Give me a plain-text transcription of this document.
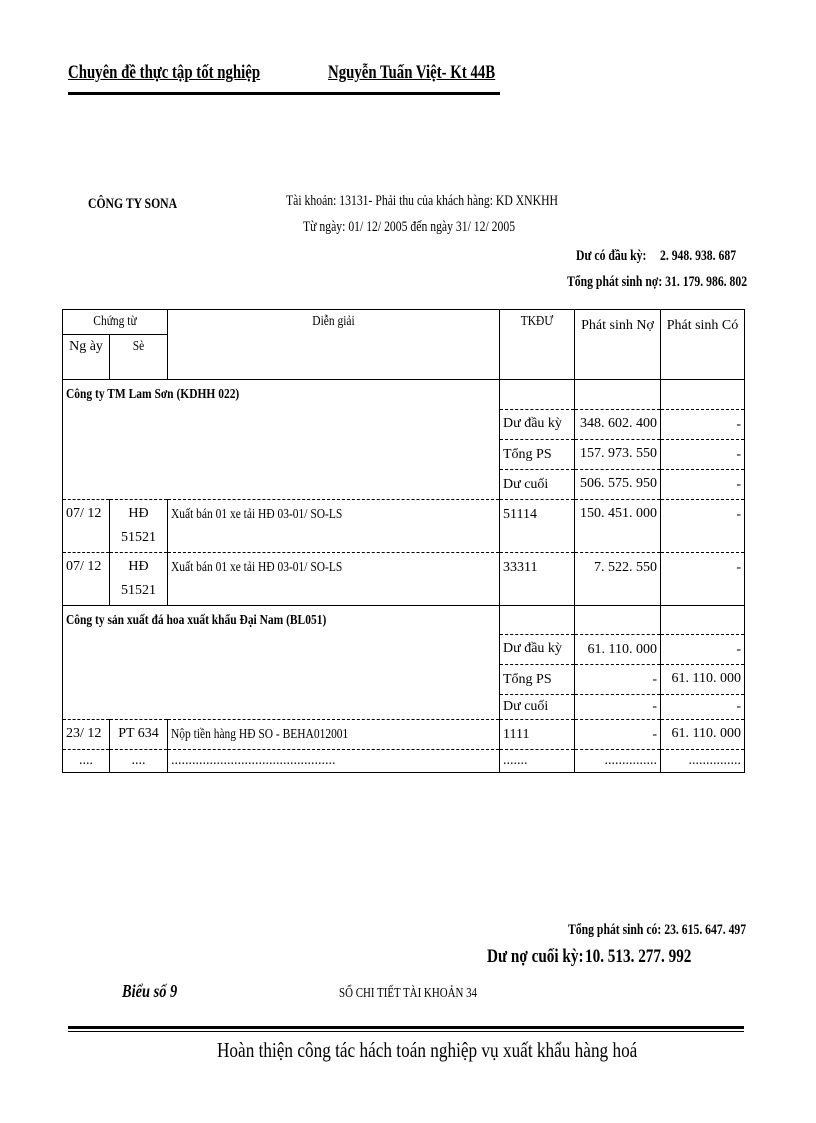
Chuyên đề thực tập tốt nghiệp	Nguyễn Tuấn Việt- Kt 44B
CÔNG TY SONA	Tài khoản: 13131- Phải thu của khách hàng: KD XNKHH
Từ ngày: 01/ 12/ 2005 đến ngày 31/ 12/ 2005
Dư có đầu kỳ: 2. 948. 938. 687
Tổng phát sinh nợ: 31. 179. 986. 802
Chứng từ		Diễn giải	TKĐƯ	Phát sinh Nợ	Phát sinh Có
Ng ày	Sè				

Công ty TM Lam Sơn (KDHH 022)					
			Dư đầu kỳ	348. 602. 400	-
			Tổng PS	157. 973. 550	-
			Dư cuối	506. 575. 950	-
07/ 12	HĐ 51521	Xuất bán 01 xe tải HĐ 03-01/ SO-LS	51114	150. 451. 000	-
07/ 12	HĐ 51521	Xuất bán 01 xe tải HĐ 03-01/ SO-LS	33311	7. 522. 550	-
Công ty sản xuất đá hoa xuất khẩu Đại Nam (BL051)					
			Dư đầu kỳ	61. 110. 000	-
			Tổng PS	-	61. 110. 000
			Dư cuối	-	-
23/ 12	PT 634	Nộp tiền hàng HĐ SO - BEHA012001	1111	-	61. 110. 000
....	....	...............................................	.......	...............	...............
Tổng phát sinh có: 23. 615. 647. 497
Dư nợ cuối kỳ: 10. 513. 277. 992
Biểu số 9	SỔ CHI TIẾT TÀI KHOẢN 34
Hoàn thiện công tác hách toán nghiệp vụ xuất khẩu hàng hoá
